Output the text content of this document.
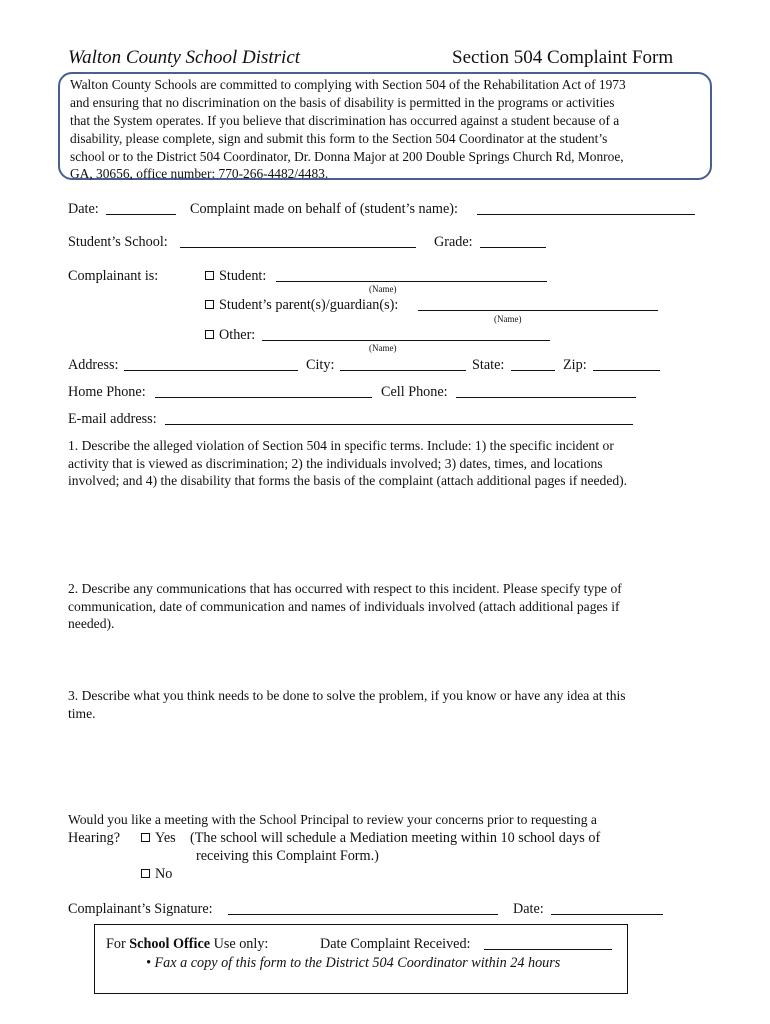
Walton County School District	Section 504 Complaint Form
Walton County Schools are committed to complying with Section 504 of the Rehabilitation Act of 1973
and ensuring that no discrimination on the basis of disability is permitted in the programs or activities
that the System operates. If you believe that discrimination has occurred against a student because of a
disability, please complete, sign and submit this form to the Section 504 Coordinator at the student’s
school or to the District 504 Coordinator, Dr. Donna Major at 200 Double Springs Church Rd, Monroe,
GA, 30656, office number: 770-266-4482/4483.
Date:	Complaint made on behalf of (student’s name):
Student’s School:	Grade:
Complainant is:	Student:
(Name)
Student’s parent(s)/guardian(s):
(Name)
Other:
(Name)
Address:	City:	State:	Zip:
Home Phone:	Cell Phone:
E-mail address:
1. Describe the alleged violation of Section 504 in specific terms. Include: 1) the specific incident or
activity that is viewed as discrimination; 2) the individuals involved; 3) dates, times, and locations
involved; and 4) the disability that forms the basis of the complaint (attach additional pages if needed).
2. Describe any communications that has occurred with respect to this incident. Please specify type of
communication, date of communication and names of individuals involved (attach additional pages if
needed).
3. Describe what you think needs to be done to solve the problem, if you know or have any idea at this
time.
Would you like a meeting with the School Principal to review your concerns prior to requesting a
Hearing?	Yes (The school will schedule a Mediation meeting within 10 school days of
receiving this Complaint Form.)
No
Complainant’s Signature:	Date:
For School Office Use only:	Date Complaint Received:
• Fax a copy of this form to the District 504 Coordinator within 24 hours
